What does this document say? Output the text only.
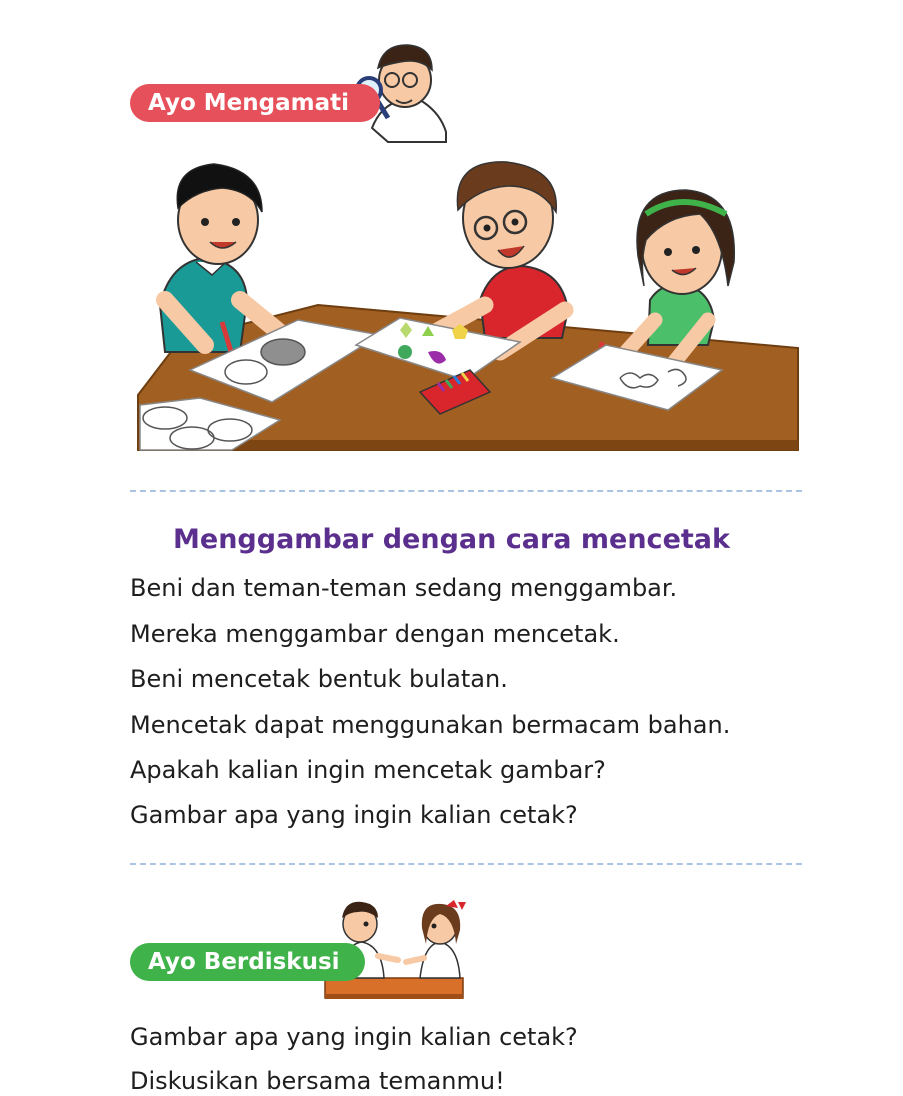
Ayo Mengamati
Menggambar dengan cara mencetak
Beni dan teman-teman sedang menggambar.
Mereka menggambar dengan mencetak.
Beni mencetak bentuk bulatan.
Mencetak dapat menggunakan bermacam bahan.
Apakah kalian ingin mencetak gambar?
Gambar apa yang ingin kalian cetak?
Ayo Berdiskusi
Gambar apa yang ingin kalian cetak?
Diskusikan bersama temanmu!
